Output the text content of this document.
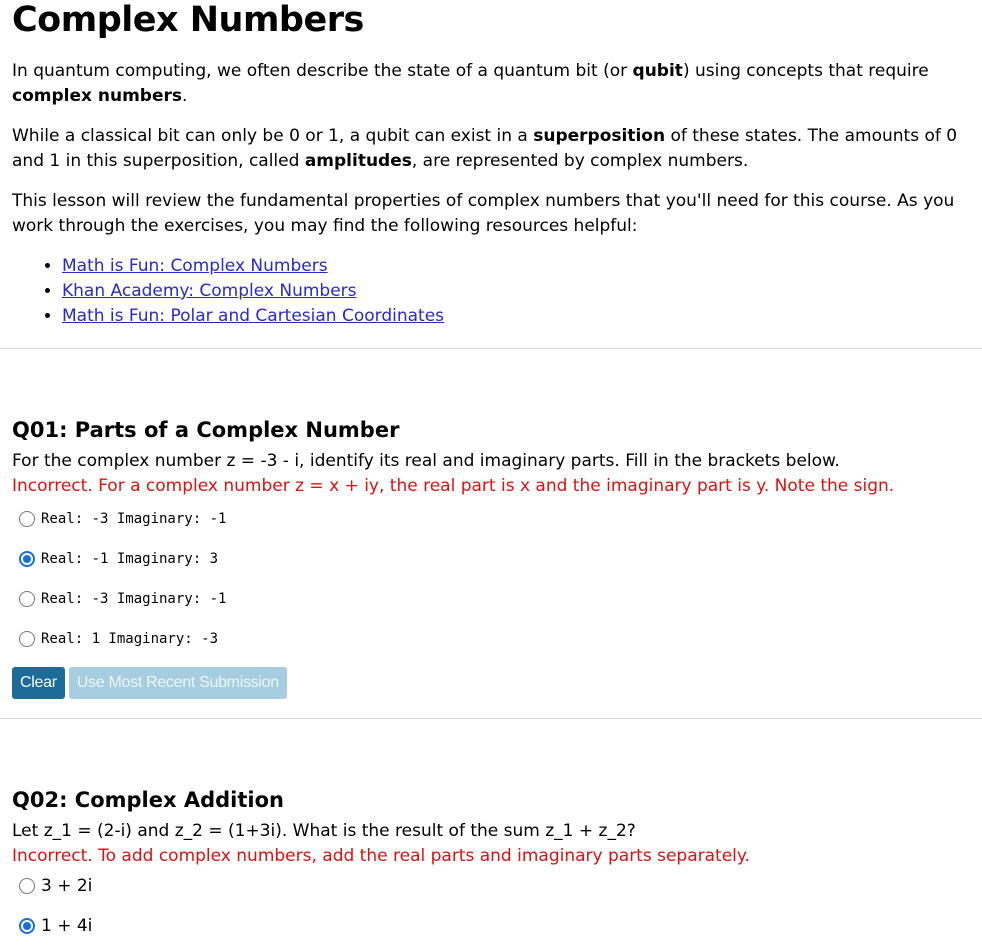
Complex Numbers

In quantum computing, we often describe the state of a quantum bit (or qubit) using concepts that require complex numbers.

While a classical bit can only be 0 or 1, a qubit can exist in a superposition of these states. The amounts of 0 and 1 in this superposition, called amplitudes, are represented by complex numbers.

This lesson will review the fundamental properties of complex numbers that you'll need for this course. As you work through the exercises, you may find the following resources helpful:

• Math is Fun: Complex Numbers
• Khan Academy: Complex Numbers
• Math is Fun: Polar and Cartesian Coordinates
Q01: Parts of a Complex Number

For the complex number z = -3 - i, identify its real and imaginary parts. Fill in the brackets below.

Incorrect. For a complex number z = x + iy, the real part is x and the imaginary part is y. Note the sign.

Real: -3 Imaginary: -1
Real: -1 Imaginary: 3
Real: -3 Imaginary: -1
Real: 1 Imaginary: -3
Clear	Use Most Recent Submission
Q02: Complex Addition

Let z_1 = (2-i) and z_2 = (1+3i). What is the result of the sum z_1 + z_2?

Incorrect. To add complex numbers, add the real parts and imaginary parts separately.

3 + 2i
1 + 4i
